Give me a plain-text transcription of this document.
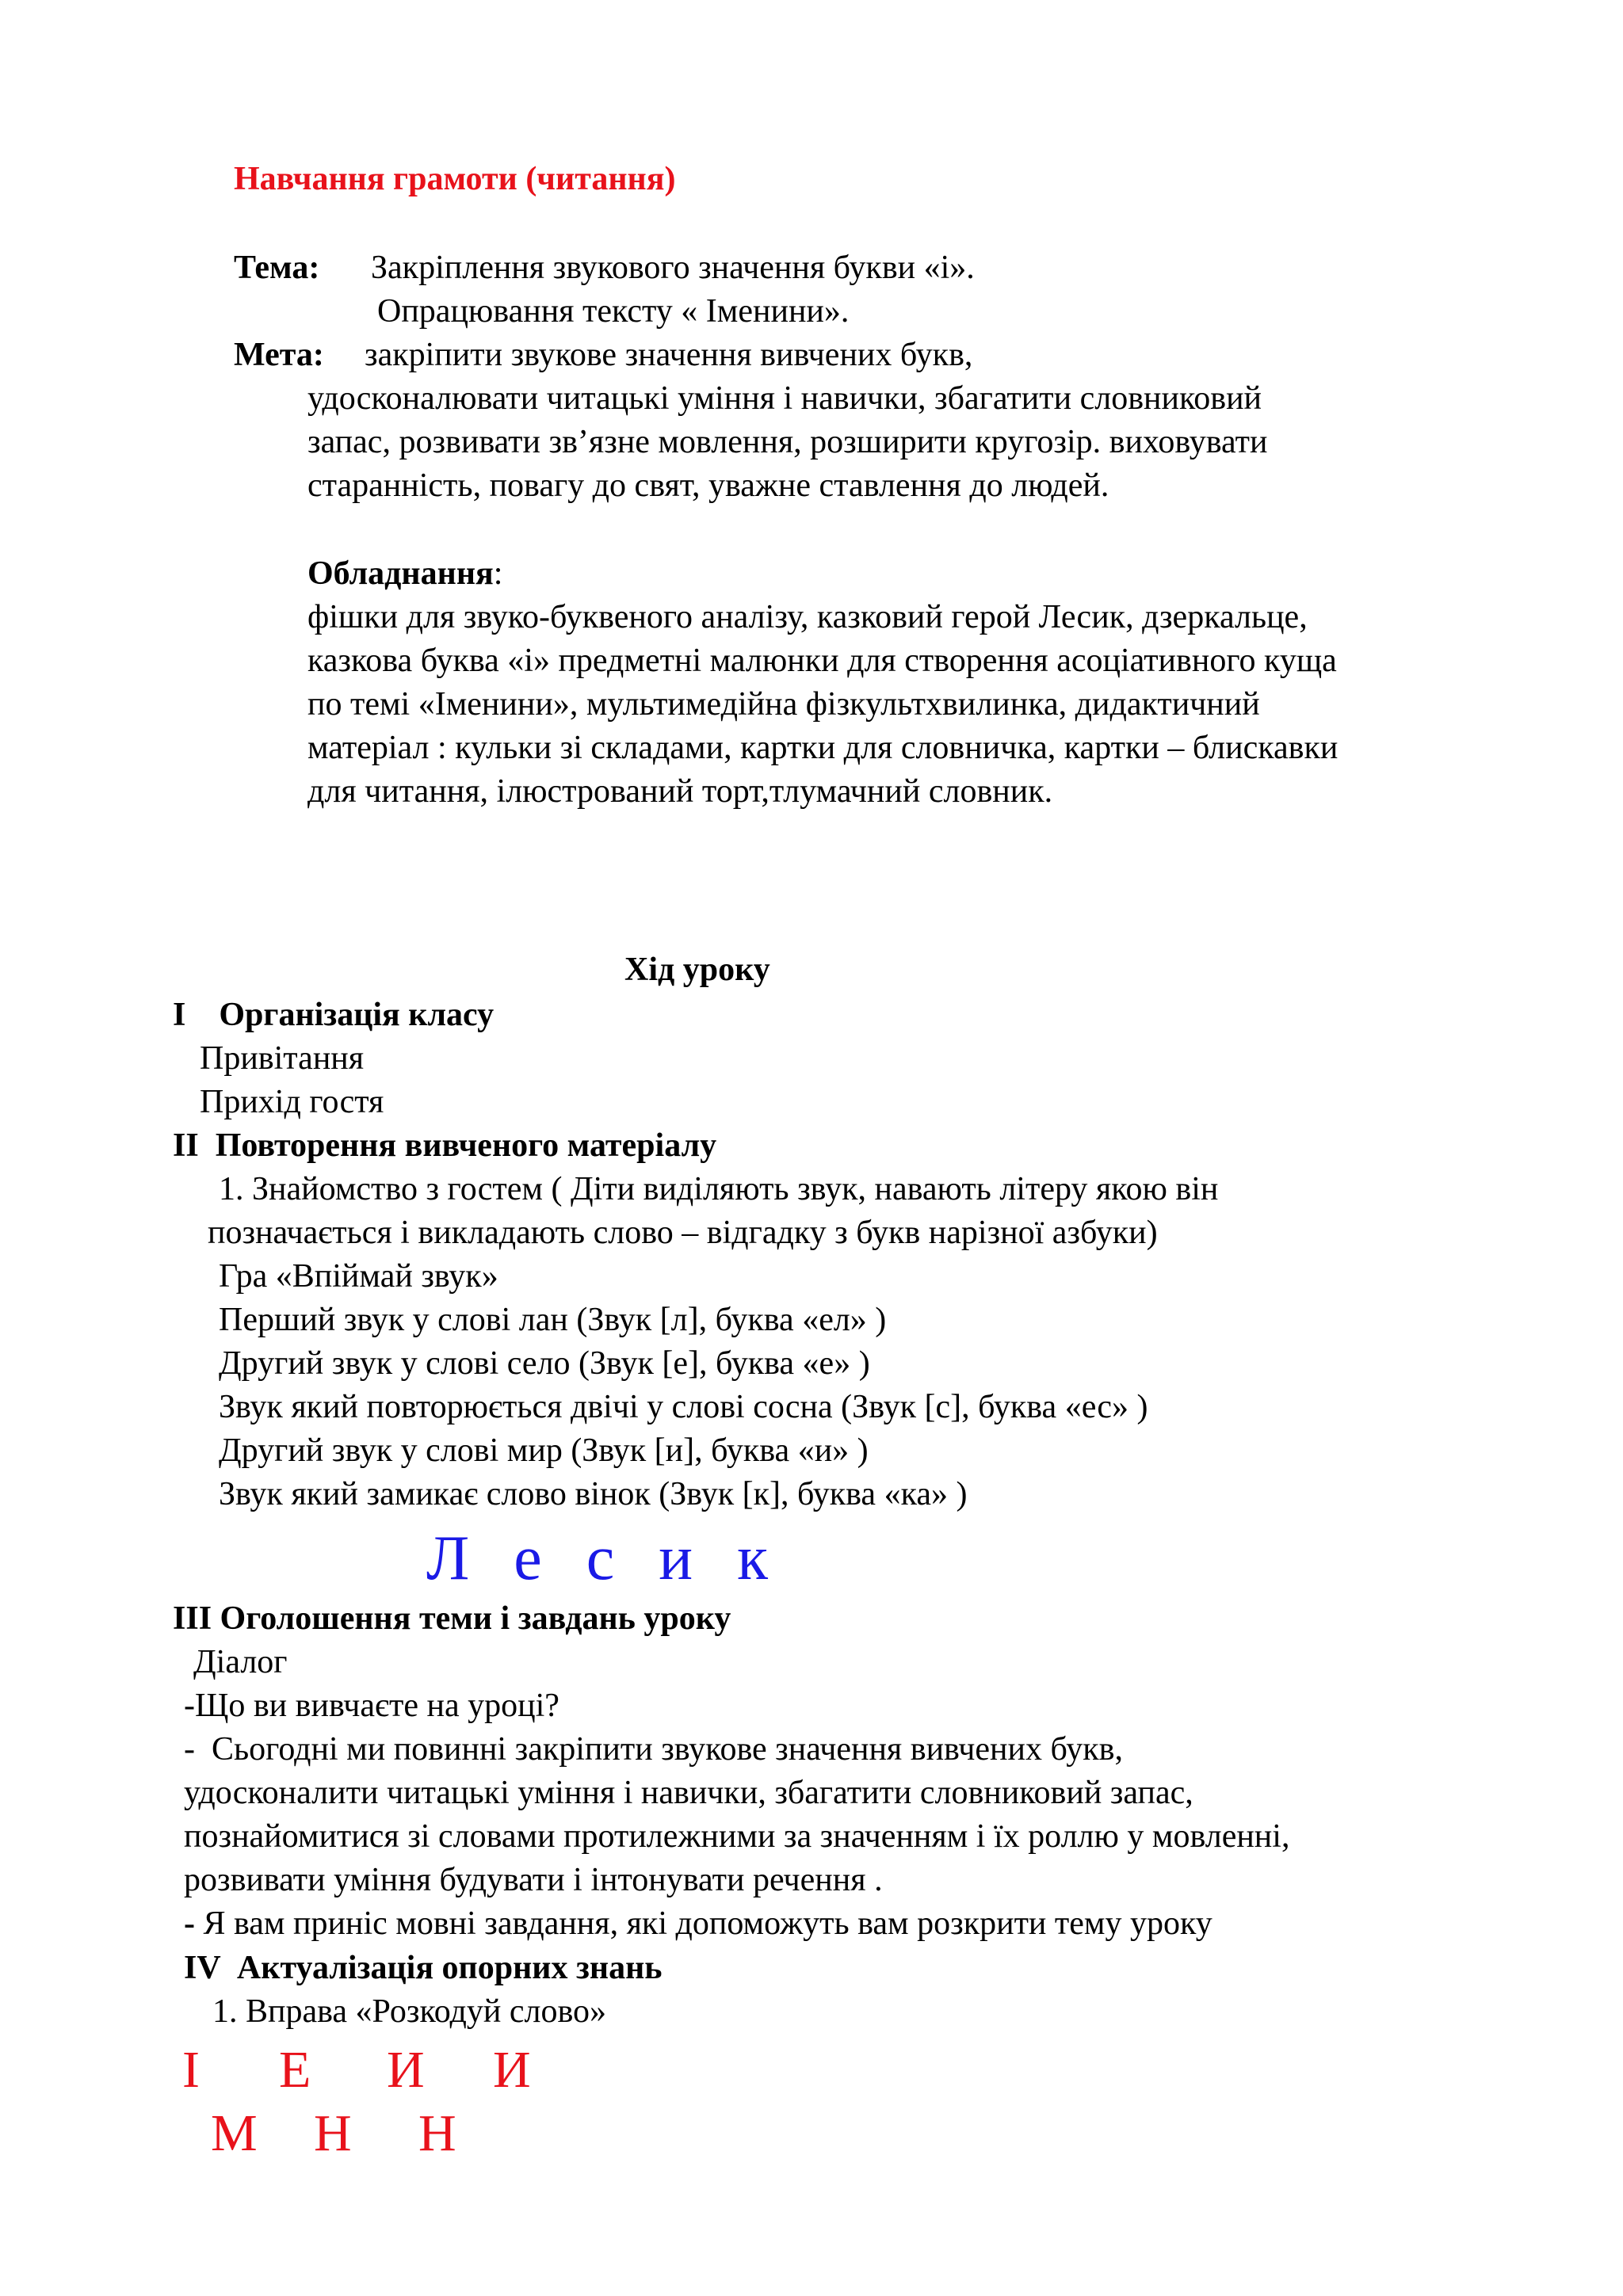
Навчання грамоти (читання)
Тема: Закріплення звукового значення букви «і».
Опрацювання тексту « Іменини».
Мета: закріпити звукове значення вивчених букв,
удосконалювати читацькі уміння і навички, збагатити словниковий
запас, розвивати зв’язне мовлення, розширити кругозір. виховувати
старанність, повагу до свят, уважне ставлення до людей.
Обладнання:
фішки для звуко-буквеного аналізу, казковий герой Лесик, дзеркальце,
казкова буква «і» предметні малюнки для створення асоціативного куща
по темі «Іменини», мультимедійна фізкультхвилинка, дидактичний
матеріал : кульки зі складами, картки для словничка, картки – блискавки
для читання, ілюстрований торт,тлумачний словник.
Хід уроку
I    Організація класу
Привітання
Прихід гостя
II  Повторення вивченого матеріалу
1. Знайомство з гостем ( Діти виділяють звук, навають літеру якою він
позначається і викладають слово – відгадку з букв нарізної азбуки)
Гра «Впіймай звук»
Перший звук у слові лан (Звук [л], буква «ел» )
Другий звук у слові село (Звук [е], буква «е» )
Звук який повторюється двічі у слові сосна (Звук [с], буква «ес» )
Другий звук у слові мир (Звук [и], буква «и» )
Звук який замикає слово вінок (Звук [к], буква «ка» )
Л е с и к
III Оголошення теми і завдань уроку
Діалог
-Що ви вивчаєте на уроці?
-  Сьогодні ми повинні закріпити звукове значення вивчених букв,
удосконалити читацькі уміння і навички, збагатити словниковий запас,
познайомитися зі словами протилежними за значенням і їх роллю у мовленні,
розвивати уміння будувати і інтонувати речення .
- Я вам приніс мовні завдання, які допоможуть вам розкрити тему уроку
IV  Актуалізація опорних знань
1. Вправа «Розкодуй слово»
І Е И И
М Н Н
